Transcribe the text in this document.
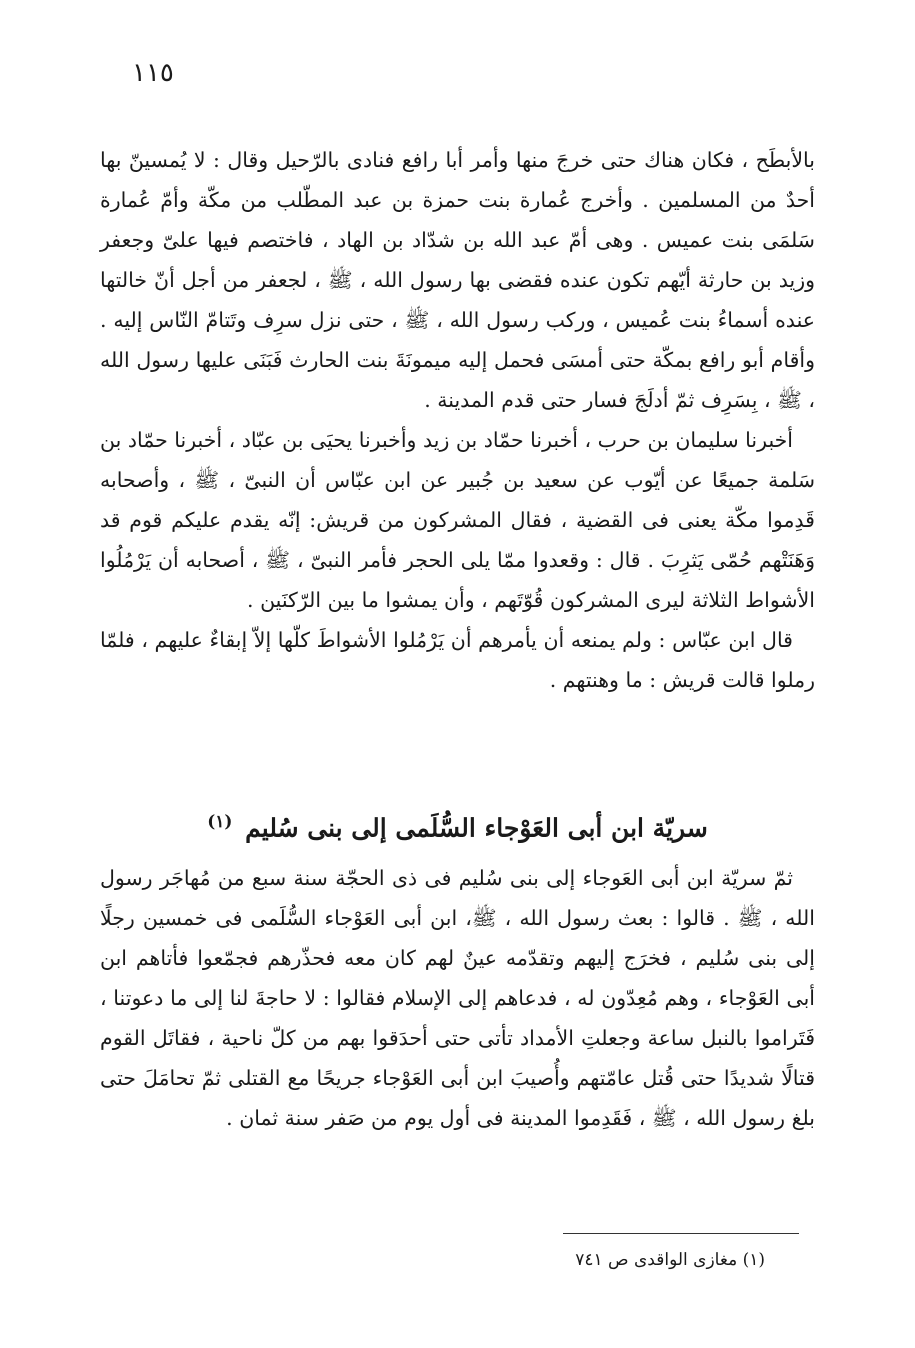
١١٥

بالأبطَح ، فكان هناك حتى خرجَ منها وأمر أبا رافع فنادى بالرّحيل وقال : لا يُمسينّ بها أحدٌ من المسلمين . وأخرج عُمارة بنت حمزة بن عبد المطّلب من مكّة وأمّ عُمارة سَلمَى بنت عميس . وهى أمّ عبد الله بن شدّاد بن الهاد ، فاختصم فيها علىّ وجعفر وزيد بن حارثة أيّهم تكون عنده فقضى بها رسول الله ، ﷺ ، لجعفر من أجل أنّ خالتها عنده أسماءُ بنت عُميس ، وركب رسول الله ، ﷺ ، حتى نزل سرِف وتَتامّ النّاس إليه . وأقام أبو رافع بمكّة حتى أمسَى فحمل إليه ميمونَةَ بنت الحارث فَبَنَى عليها رسول الله ، ﷺ ، بِسَرِف ثمّ أدلَجَ فسار حتى قدم المدينة .

أخبرنا سليمان بن حرب ، أخبرنا حمّاد بن زيد وأخبرنا يحيَى بن عبّاد ، أخبرنا حمّاد بن سَلمة جميعًا عن أيّوب عن سعيد بن جُبير عن ابن عبّاس أن النبىّ ، ﷺ ، وأصحابه قَدِموا مكّة يعنى فى القضية ، فقال المشركون من قريش: إنّه يقدم عليكم قوم قد وَهَنَتْهم حُمّى يَثرِبَ . قال : وقعدوا ممّا يلى الحجر فأمر النبىّ ، ﷺ ، أصحابه أن يَرْمُلُوا الأشواط الثلاثة ليرى المشركون قُوّتَهم ، وأن يمشوا ما بين الرّكنَين .

قال ابن عبّاس : ولم يمنعه أن يأمرهم أن يَرْمُلوا الأشواطَ كلّها إلاّ إبقاءٌ عليهم ، فلمّا رملوا قالت قريش : ما وهنتهم .

سريّة ابن أبى العَوْجاء السُّلَمى إلى بنى سُليم $^{(١)}$

ثمّ سريّة ابن أبى العَوجاء إلى بنى سُليم فى ذى الحجّة سنة سبع من مُهاجَر رسول الله ، ﷺ . قالوا : بعث رسول الله ، ﷺ، ابن أبى العَوْجاء السُّلَمى فى خمسين رجلًا إلى بنى سُليم ، فخرَج إليهم وتقدّمه عينٌ لهم كان معه فحذّرهم فجمّعوا فأتاهم ابن أبى العَوْجاء ، وهم مُعِدّون له ، فدعاهم إلى الإسلام فقالوا : لا حاجةَ لنا إلى ما دعوتنا ، فَتَراموا بالنبل ساعة وجعلتِ الأمداد تأتى حتى أحدَقوا بهم من كلّ ناحية ، فقاتَل القوم قتالًا شديدًا حتى قُتل عامّتهم وأُصيبَ ابن أبى العَوْجاء جريحًا مع القتلى ثمّ تحامَلَ حتى بلغ رسول الله ، ﷺ ، فَقَدِموا المدينة فى أول يوم من صَفر سنة ثمان .

(١) مغازى الواقدى ص ٧٤١
